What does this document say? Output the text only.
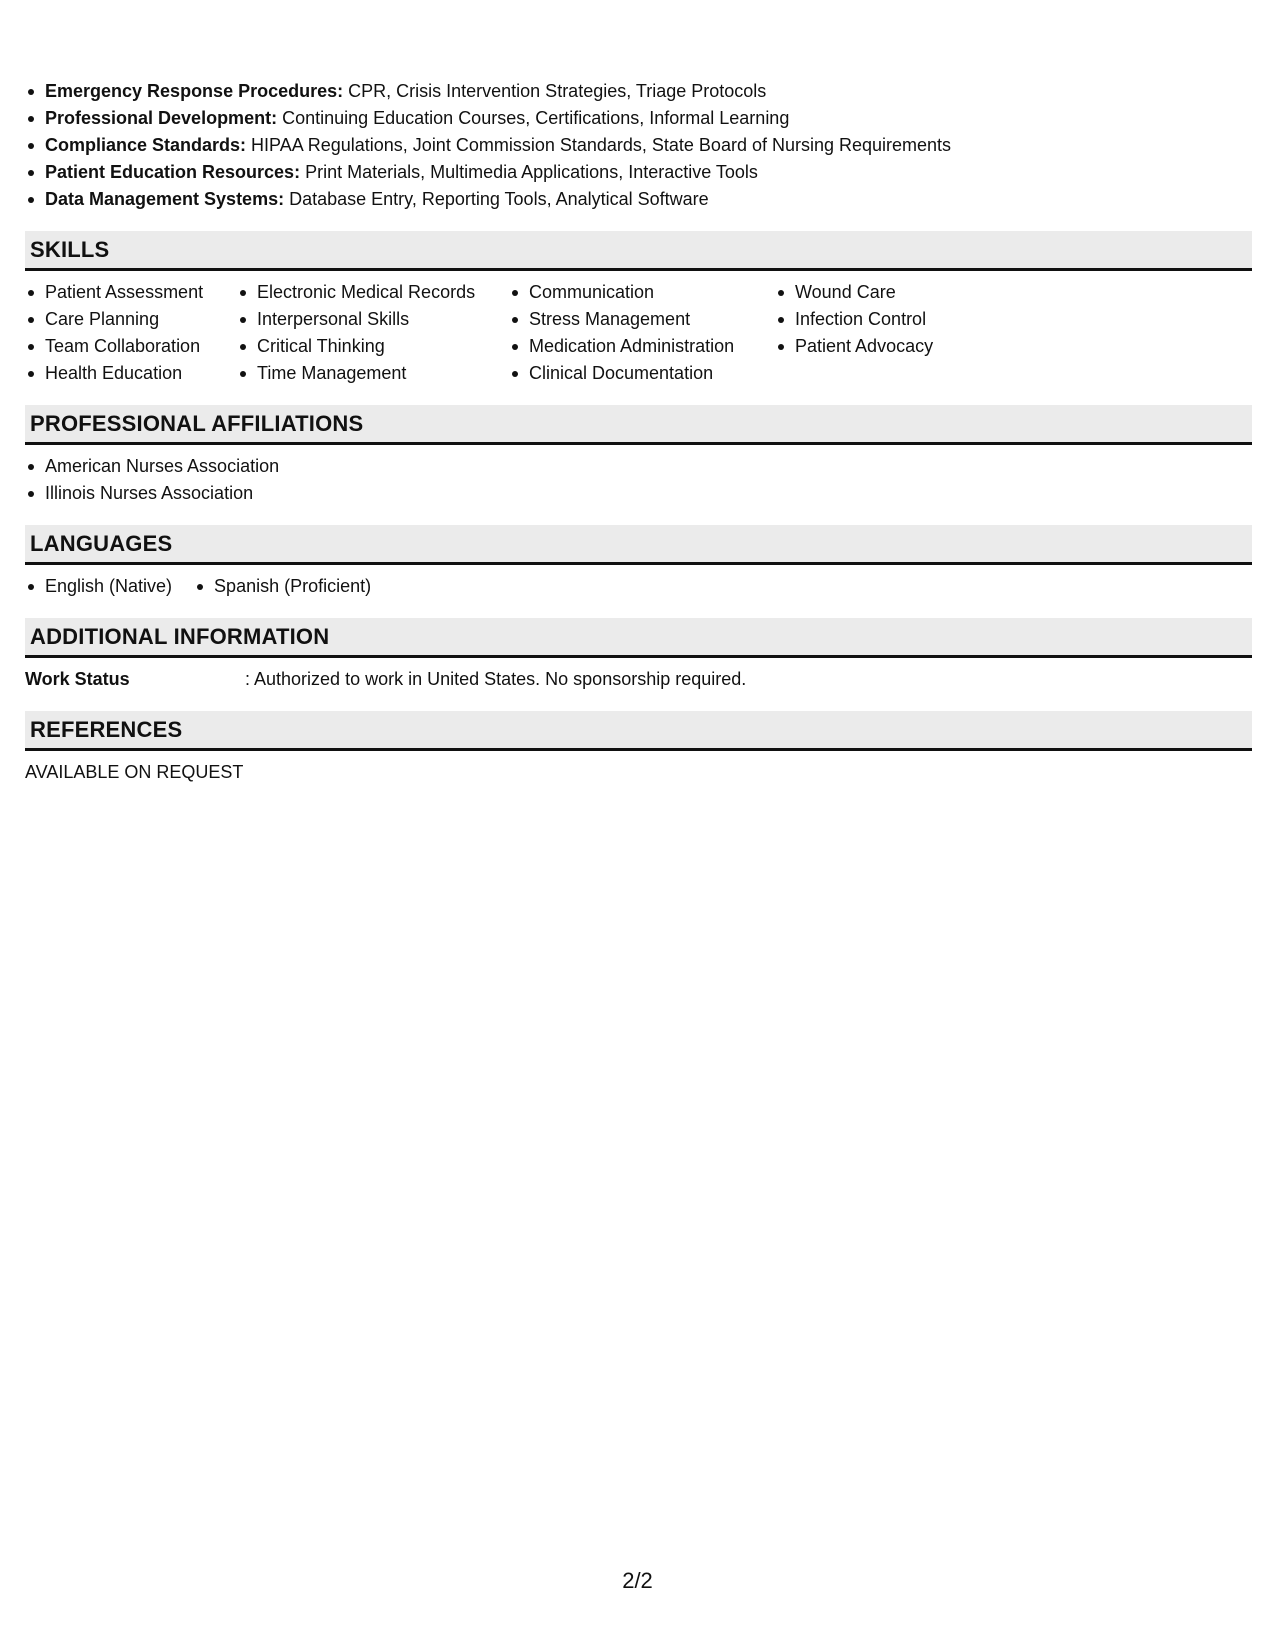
Emergency Response Procedures: CPR, Crisis Intervention Strategies, Triage Protocols
Professional Development: Continuing Education Courses, Certifications, Informal Learning
Compliance Standards: HIPAA Regulations, Joint Commission Standards, State Board of Nursing Requirements
Patient Education Resources: Print Materials, Multimedia Applications, Interactive Tools
Data Management Systems: Database Entry, Reporting Tools, Analytical Software
SKILLS
Patient Assessment
Care Planning
Team Collaboration
Health Education
Electronic Medical Records
Interpersonal Skills
Critical Thinking
Time Management
Communication
Stress Management
Medication Administration
Clinical Documentation
Wound Care
Infection Control
Patient Advocacy
PROFESSIONAL AFFILIATIONS
American Nurses Association
Illinois Nurses Association
LANGUAGES
English (Native)	Spanish (Proficient)
ADDITIONAL INFORMATION
Work Status	: Authorized to work in United States. No sponsorship required.
REFERENCES
AVAILABLE ON REQUEST
2/2
